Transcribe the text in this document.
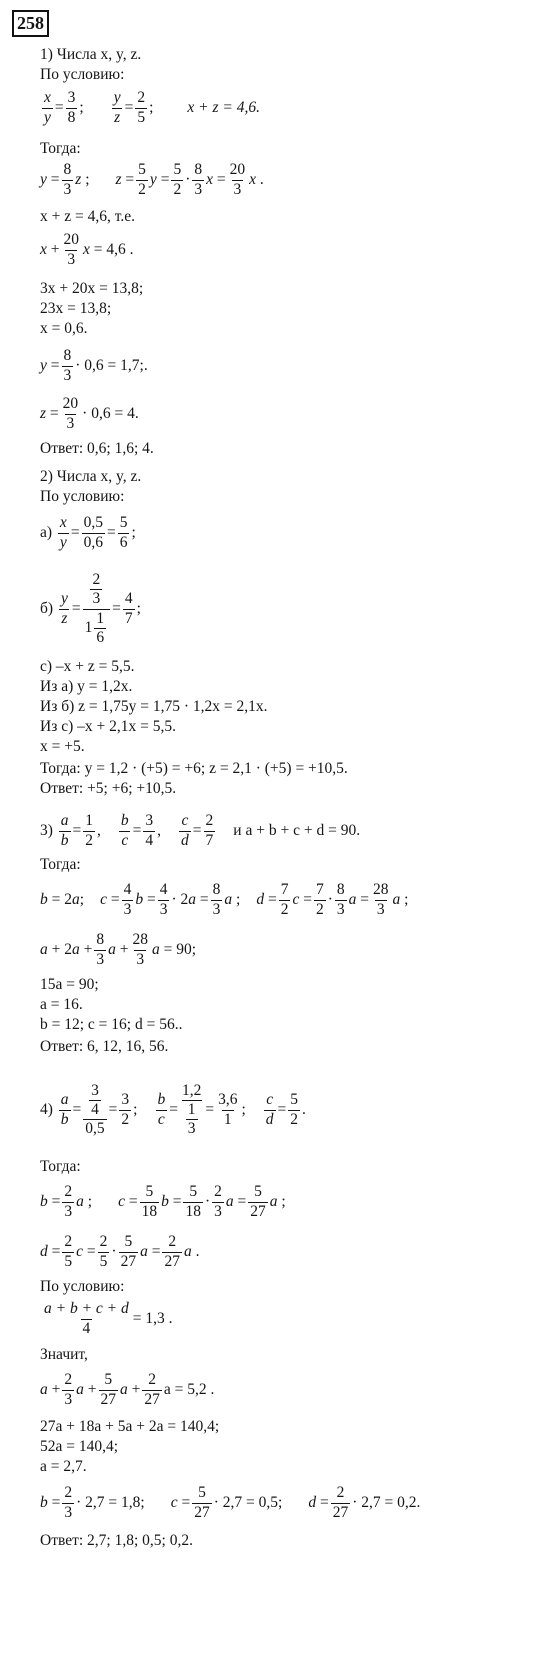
258
1) Числа x, y, z.
По условию:
x
y
=
3
8
;
y
z
=
2
5
; x + z = 4,6.
Тогда:
y =
8
3
z ; z =
5
2
y =
5
2
·
8
3
x =
20
3
x .
x + z = 4,6, т.е.
x +
20
3
x = 4,6 .
3x + 20x = 13,8;
23x = 13,8;
x = 0,6.
y =
8
3
· 0,6 = 1,7;.
z =
20
3
· 0,6 = 4.
Ответ: 0,6; 1,6; 4.
2) Числа x, y, z.
По условию:
а)
x
y
=
0,5
0,6
=
5
6
;
б)
y
z
=
$\frac{2}{3}$
1
1
6
=
4
7
;
с) –x + z = 5,5.
Из а) y = 1,2x.
Из б) z = 1,75y = 1,75 · 1,2x = 2,1x.
Из с) –x + 2,1x = 5,5.
x = +5.
Тогда: y = 1,2 · (+5) = +6; z = 2,1 · (+5) = +10,5.
Ответ: +5; +6; +10,5.
3)
a
b
=
1
2
,
b
c
=
3
4
,
c
d
=
2
7
и a + b + c + d = 90.
Тогда:
b = 2 a ; c =
4
3
b =
4
3
· 2 a =
8
3
a ; d =
7
2
c =
7
2
·
8
3
a =
28
3
a ;
a + 2 a +
8
3
a +
28
3
a = 90;
15a = 90;
a = 16.
b = 12; c = 16; d = 56..
Ответ: 6, 12, 16, 56.
4)
a
b
= $\frac{3}{4}$
0,5
=
3
2
;
b
c
=
1,2
$\frac{1}{3}$ =
3,6
1
;
c
d
=
5
2
.
Тогда:
b =
2
3
a ; c =
5
18
b =
5
18
·
2
3
a =
5
27
a ;
d =
2
5
c =
2
5
·
5
27
a =
2
27
a .
По условию:
$\frac{a + b + c + d}{4} = 1,3$ .
Значит,
a +
2
3
a +
5
27
a +
2
27
a = 5,2 .
27a + 18a + 5a + 2a = 140,4;
52a = 140,4;
a = 2,7.
b =
2
3
· 2,7 = 1,8; c =
5
27
· 2,7 = 0,5; d =
2
27
· 2,7 = 0,2.
Ответ: 2,7; 1,8; 0,5; 0,2.
